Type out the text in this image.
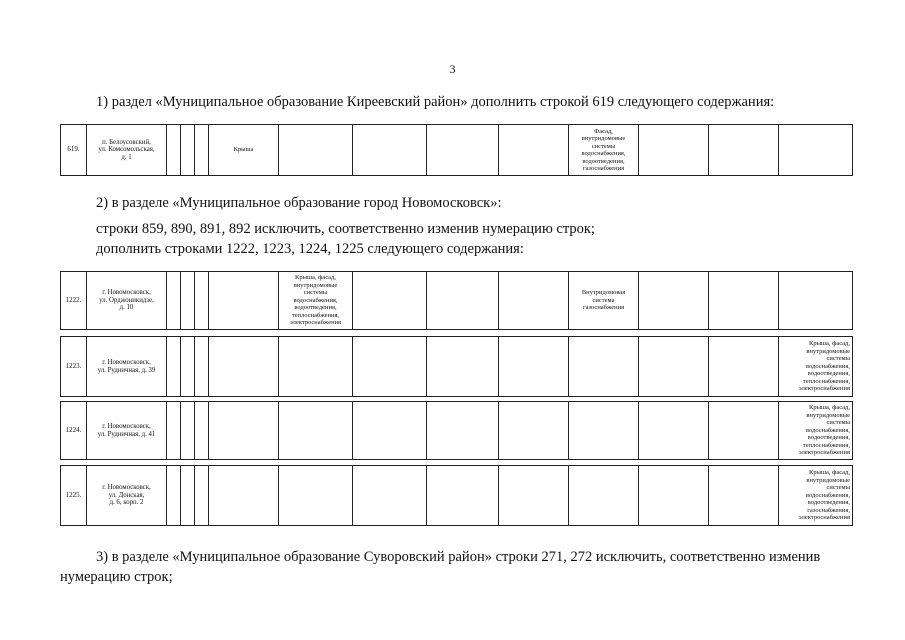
3
1) раздел «Муниципальное образование Киреевский район» дополнить строкой 619 следующего содержания:
619.	п. Белоусовский,
ул. Комсомольская,
д. 1				Крыша					Фасад,
внутридомовые
системы
водоснабжения,
водоотведения,
газоснабжения			
2) в разделе «Муниципальное образование город Новомосковск»:
строки 859, 890, 891, 892 исключить, соответственно изменив нумерацию строк;
дополнить строками 1222, 1223, 1224, 1225 следующего содержания:
1222.	г. Новомосковск,
ул. Орджоникидзе,
д. 10					Крыша, фасад,
внутридомовые
системы
водоснабжения,
водоотведения,
теплоснабжения,
электроснабжения				Внутридомовая
система
газоснабжения			
1223.	г. Новомосковск,
ул. Рудничная, д. 39												Крыша, фасад,
внутридомовые
системы
водоснабжения,
водоотведения,
теплоснабжения,
электроснабжения
1224.	г. Новомосковск,
ул. Рудничная, д. 41												Крыша, фасад,
внутридомовые
системы
водоснабжения,
водоотведения,
теплоснабжения,
электроснабжения
1225.	г. Новомосковск,
ул. Донская,
д. 6, корп. 2												Крыша, фасад,
внутридомовые
системы
водоснабжения,
водоотведения,
газоснабжения,
электроснабжения
3) в разделе «Муниципальное образование Суворовский район» строки 271, 272 исключить, соответственно изменив
нумерацию строк;
